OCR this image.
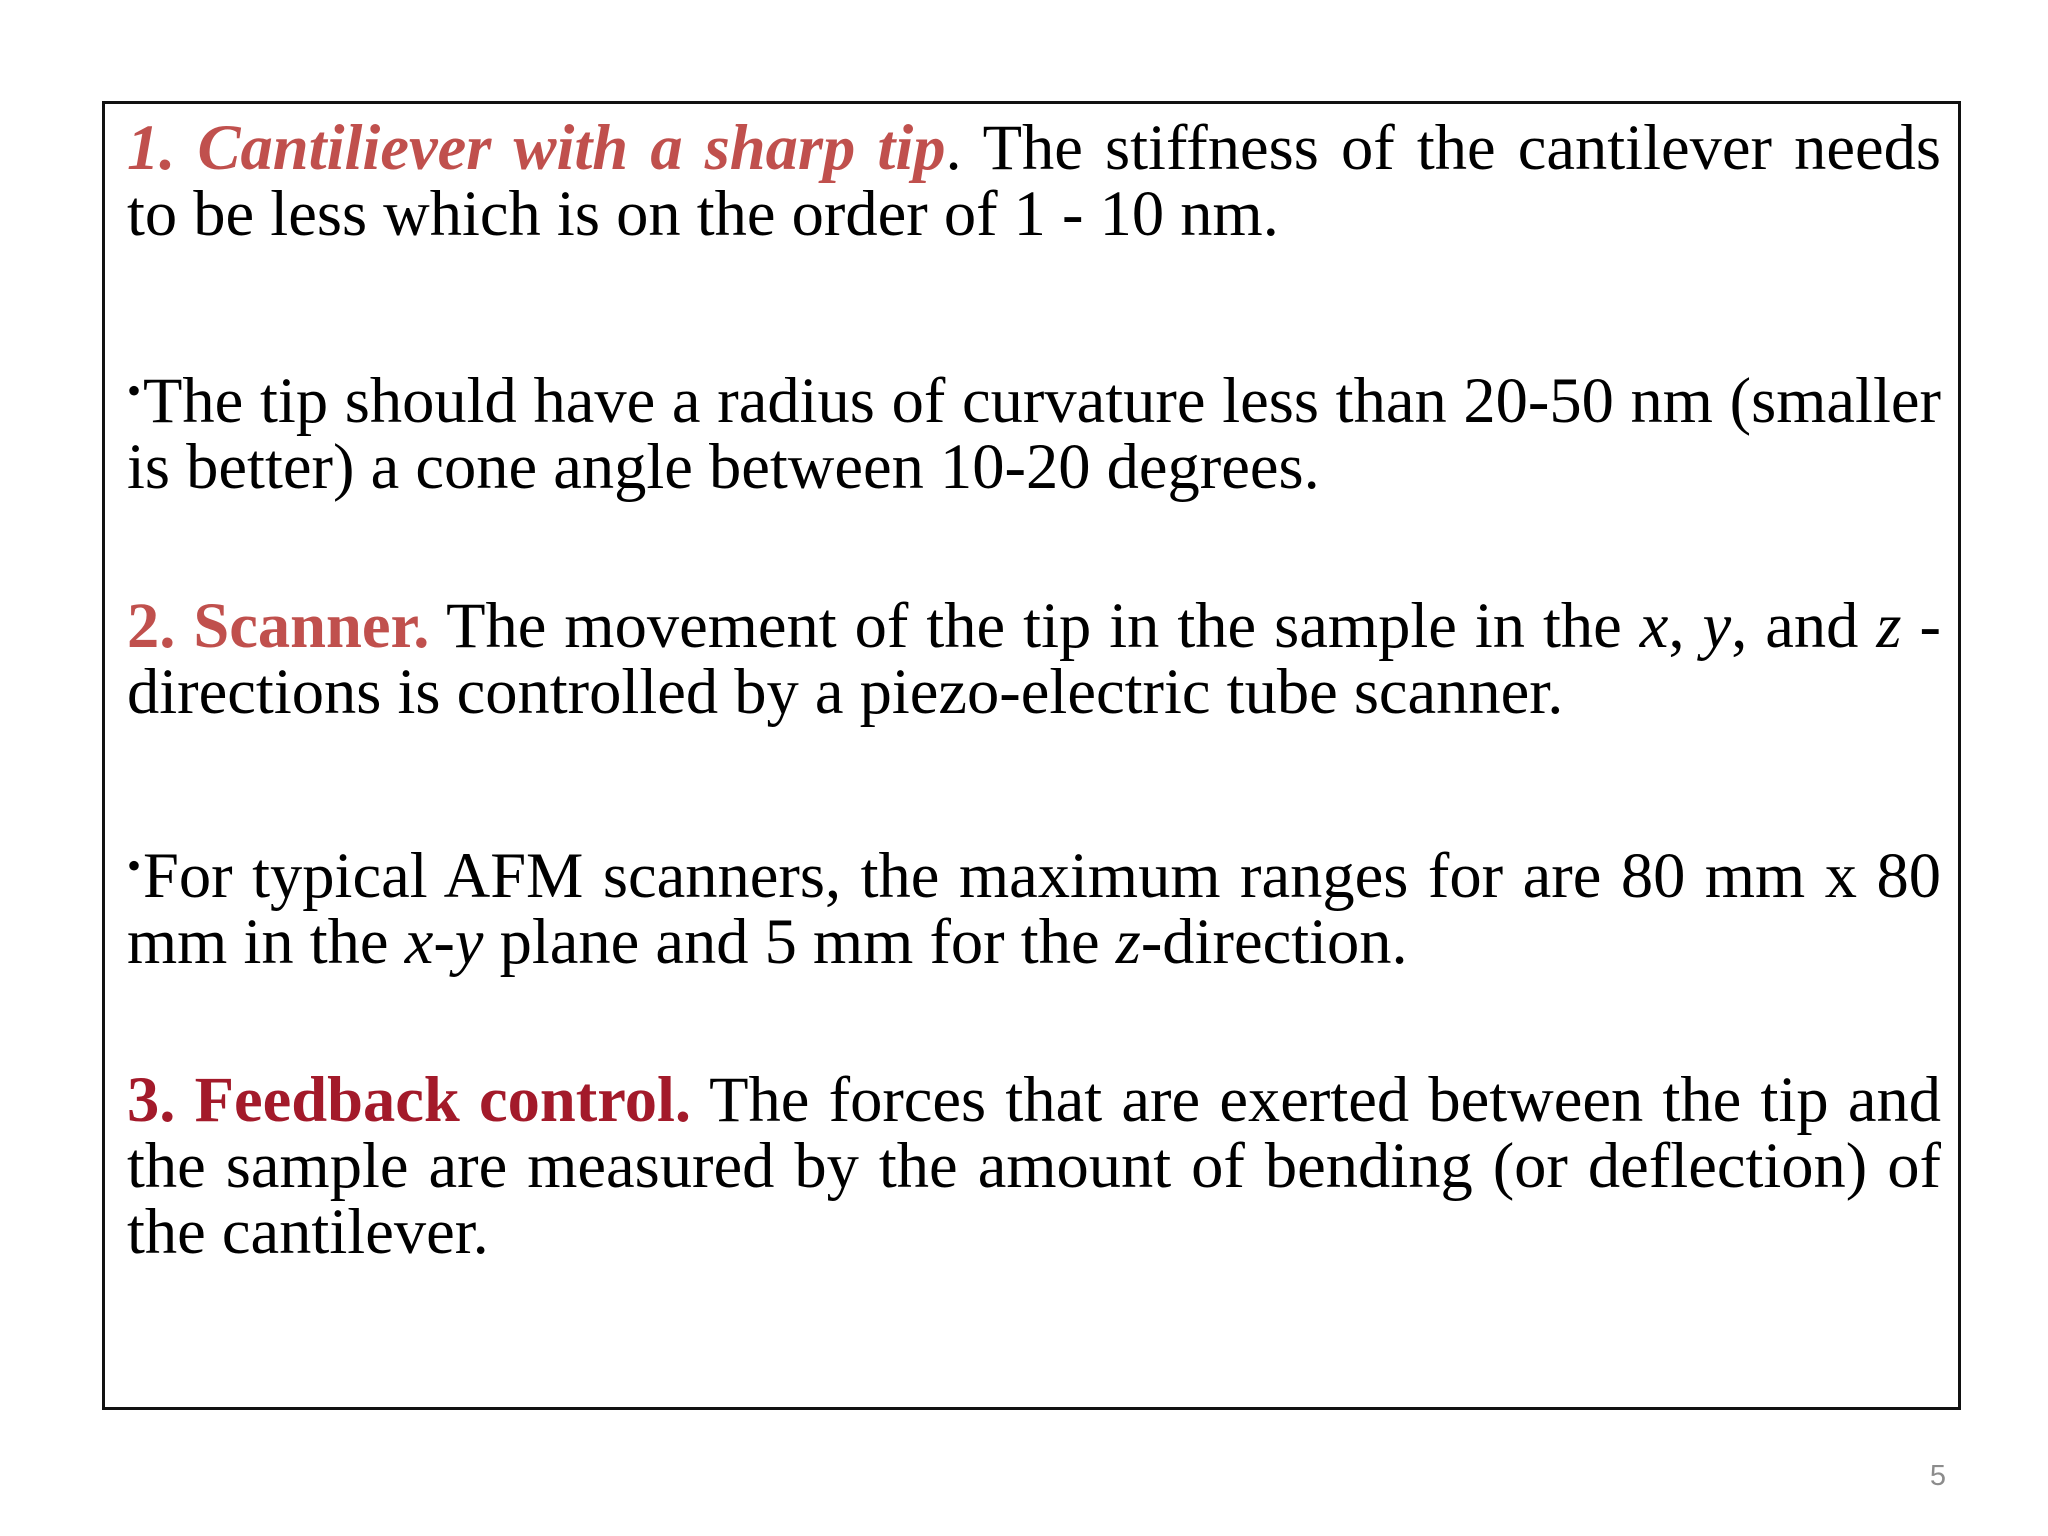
1. Cantiliever with a sharp tip. The stiffness of the cantilever needs to be less which is on the order of 1 - 10 nm.

•The tip should have a radius of curvature less than 20-50 nm (smaller is better) a cone angle between 10-20 degrees.

2. Scanner. The movement of the tip in the sample in the x, y, and z -directions is controlled by a piezo-electric tube scanner.

•For typical AFM scanners, the maximum ranges for are 80 mm x 80 mm in the x-y plane and 5 mm for the z-direction.

3. Feedback control. The forces that are exerted between the tip and the sample are measured by the amount of bending (or deflection) of the cantilever.

5
